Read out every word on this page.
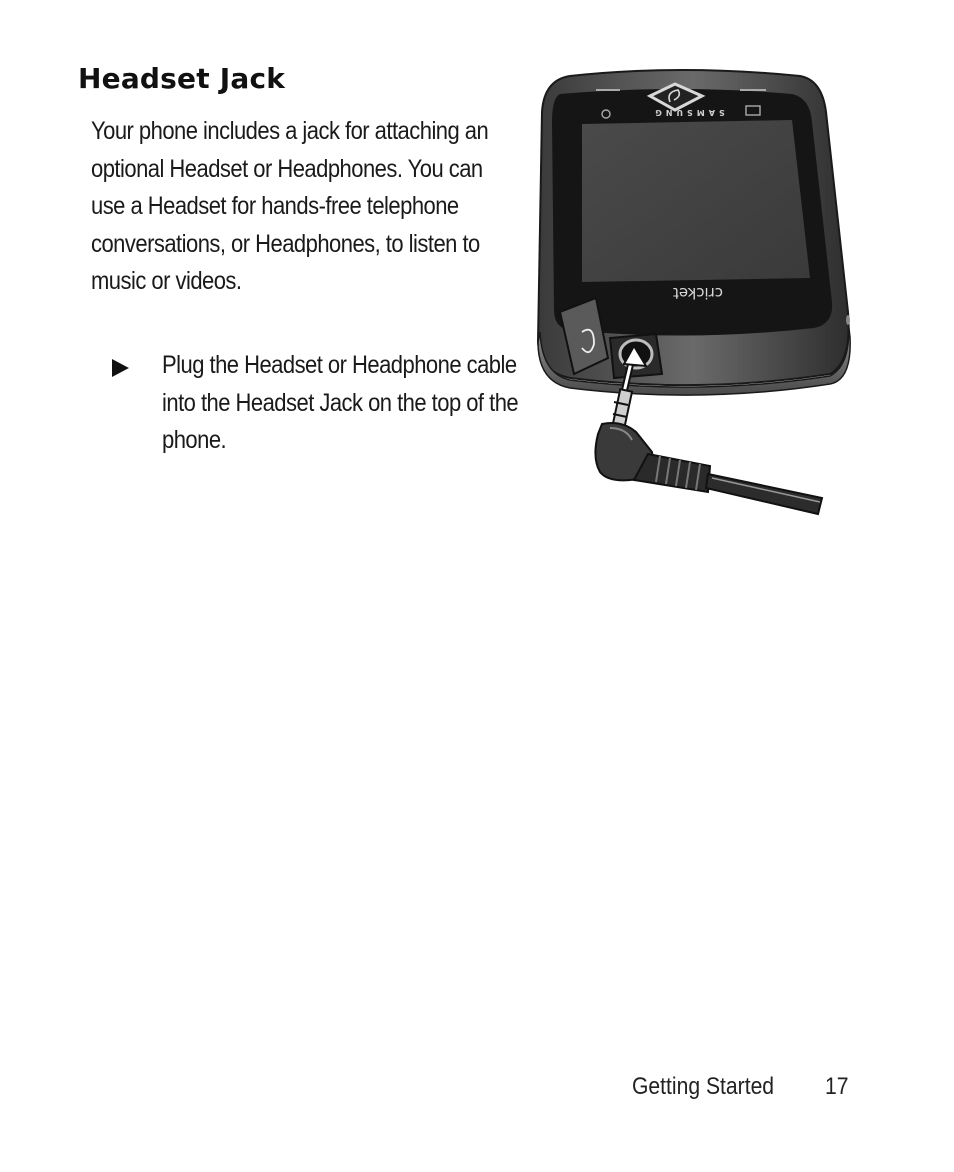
Headset Jack

Your phone includes a jack for attaching an optional Headset or Headphones. You can use a Headset for hands-free telephone conversations, or Headphones, to listen to music or videos.

Plug the Headset or Headphone cable into the Headset Jack on the top of the phone.

SAMSUNG
cricket
Getting Started 17
